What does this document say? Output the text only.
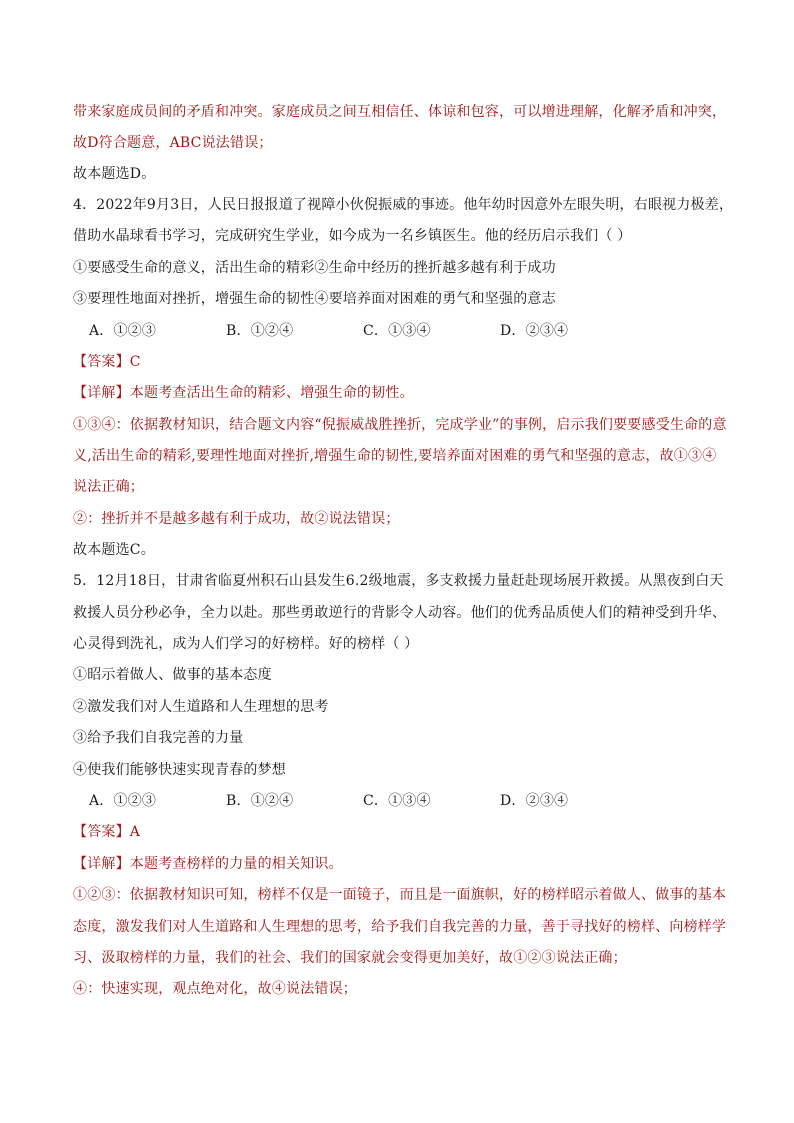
带来家庭成员间的矛盾和冲突。家庭成员之间互相信任、体谅和包容，可以增进理解，化解矛盾和冲突，
故D符合题意，ABC说法错误；
故本题选D。
4．2022年9月3日，人民日报报道了视障小伙倪振威的事迹。他年幼时因意外左眼失明，右眼视力极差，
借助水晶球看书学习，完成研究生学业，如今成为一名乡镇医生。他的经历启示我们（ ）
①要感受生命的意义，活出生命的精彩②生命中经历的挫折越多越有利于成功
③要理性地面对挫折，增强生命的韧性④要培养面对困难的勇气和坚强的意志
A．①②③	B．①②④	C．①③④	D．②③④
【答案】C
【详解】本题考查活出生命的精彩、增强生命的韧性。
①③④：依据教材知识，结合题文内容“倪振威战胜挫折，完成学业”的事例，启示我们要要感受生命的意
义,活出生命的精彩,要理性地面对挫折,增强生命的韧性,要培养面对困难的勇气和坚强的意志，故①③④
说法正确；
②：挫折并不是越多越有利于成功，故②说法错误；
故本题选C。
5．12月18日，甘肃省临夏州积石山县发生6.2级地震，多支救援力量赶赴现场展开救援。从黑夜到白天
救援人员分秒必争，全力以赴。那些勇敢逆行的背影令人动容。他们的优秀品质使人们的精神受到升华、
心灵得到洗礼，成为人们学习的好榜样。好的榜样（ ）
①昭示着做人、做事的基本态度
②激发我们对人生道路和人生理想的思考
③给予我们自我完善的力量
④使我们能够快速实现青春的梦想
A．①②③	B．①②④	C．①③④	D．②③④
【答案】A
【详解】本题考查榜样的力量的相关知识。
①②③：依据教材知识可知，榜样不仅是一面镜子，而且是一面旗帜，好的榜样昭示着做人、做事的基本
态度，激发我们对人生道路和人生理想的思考，给予我们自我完善的力量，善于寻找好的榜样、向榜样学
习、汲取榜样的力量，我们的社会、我们的国家就会变得更加美好，故①②③说法正确；
④：快速实现，观点绝对化，故④说法错误；
